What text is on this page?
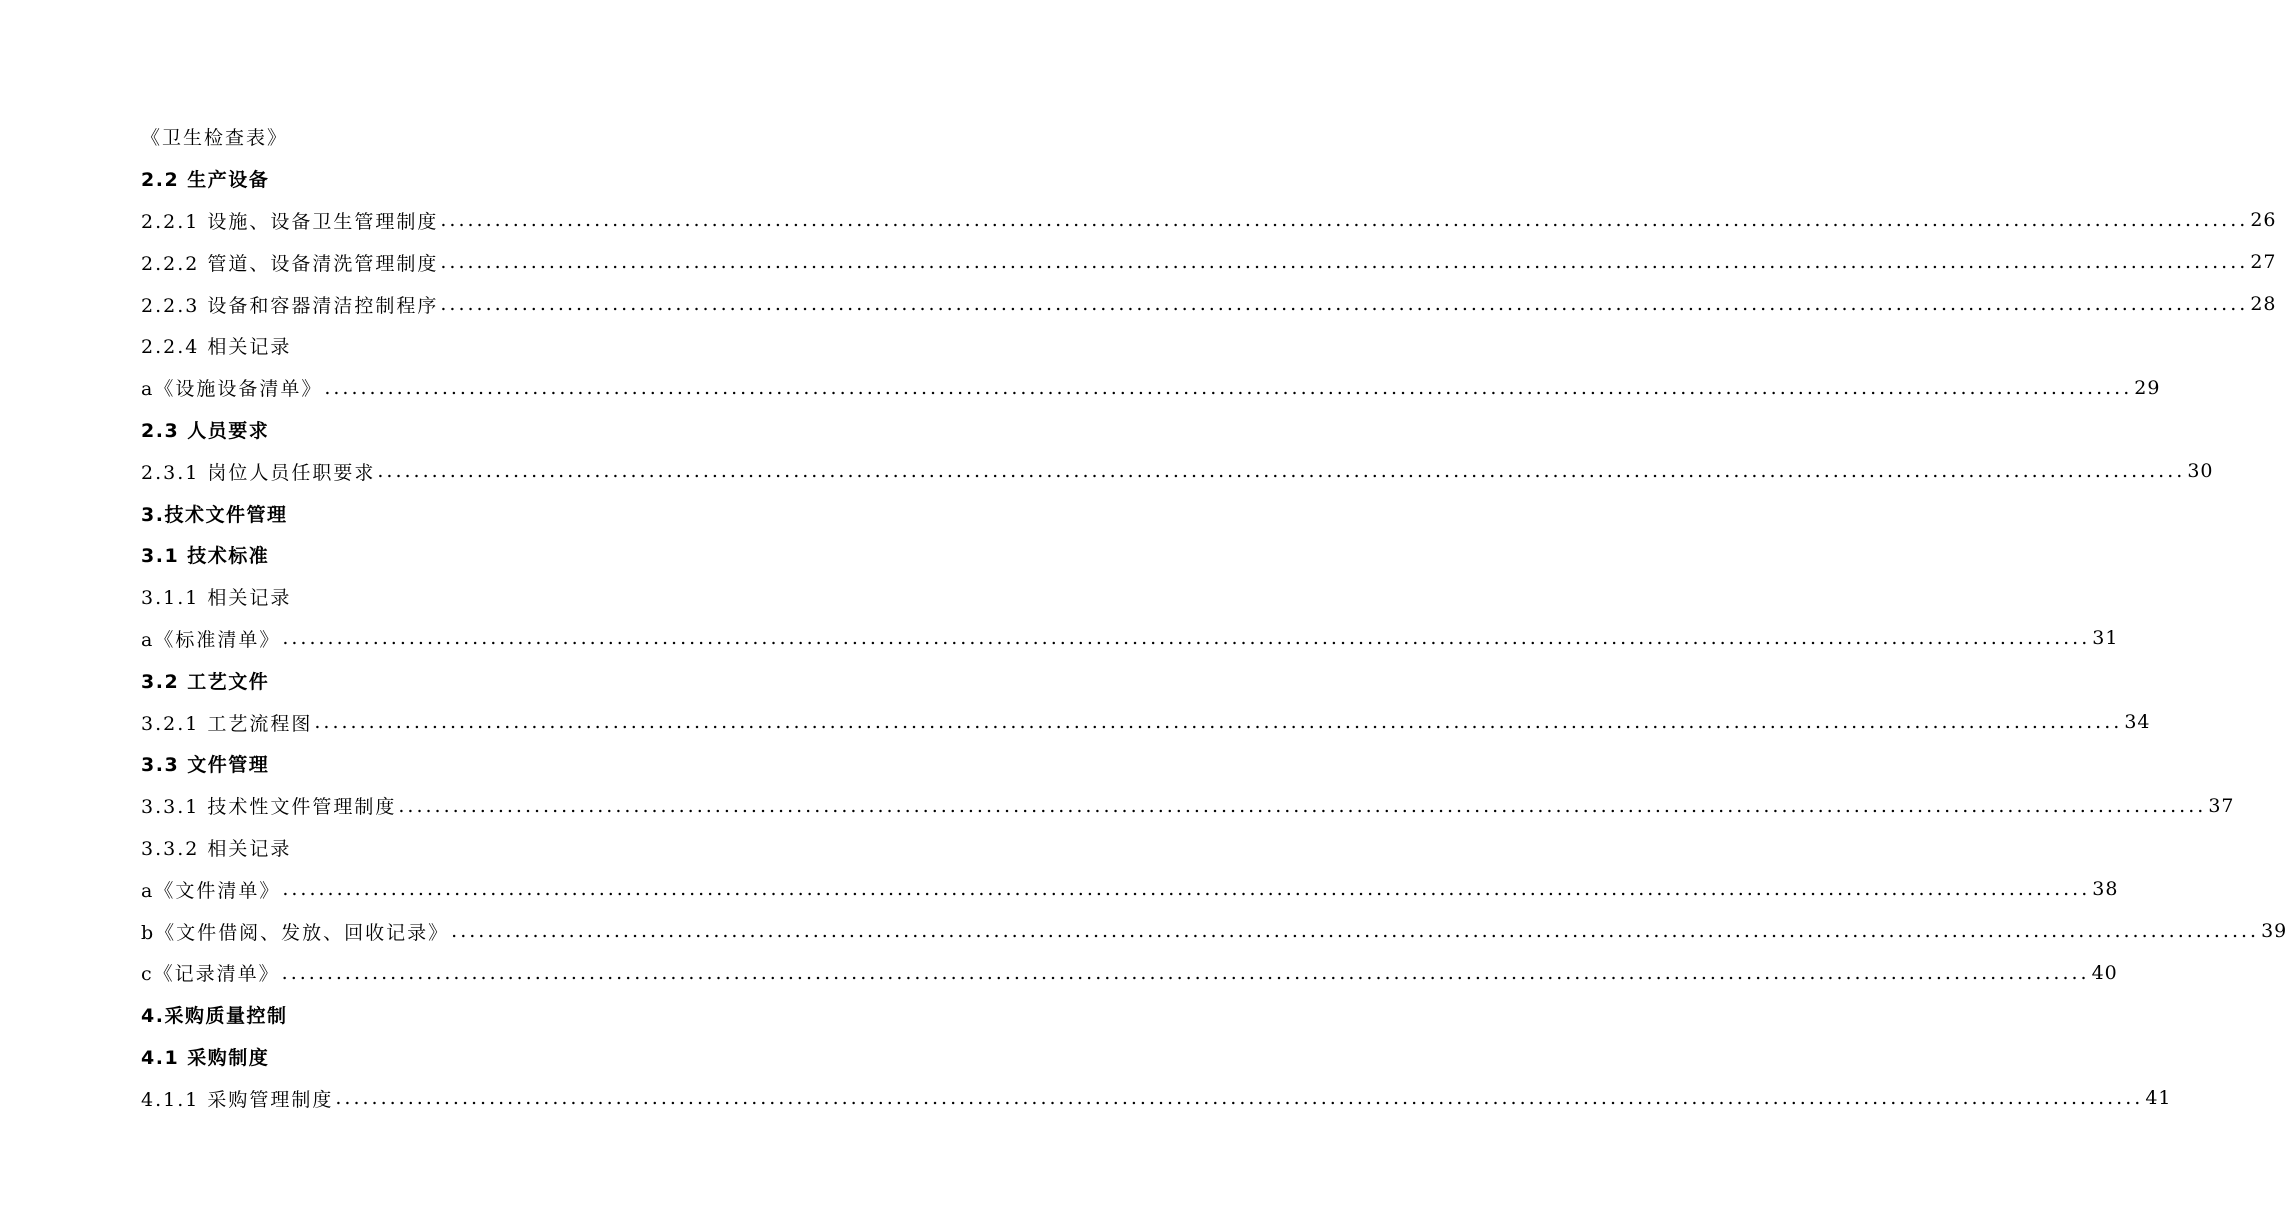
《卫生检查表》
2.2 生产设备
2.2.1 设施、设备卫生管理制度 ........................................................................................................................................................................................................ 26
2.2.2 管道、设备清洗管理制度 ........................................................................................................................................................................................................ 27
2.2.3 设备和容器清洁控制程序 ........................................................................................................................................................................................................ 28
2.2.4 相关记录
a《设施设备清单》 ........................................................................................................................................................................................................ 29
2.3 人员要求
2.3.1 岗位人员任职要求 ........................................................................................................................................................................................................ 30
3.技术文件管理
3.1 技术标准
3.1.1 相关记录
a《标准清单》 ........................................................................................................................................................................................................ 31
3.2 工艺文件
3.2.1 工艺流程图 ........................................................................................................................................................................................................ 34
3.3 文件管理
3.3.1 技术性文件管理制度 ........................................................................................................................................................................................................ 37
3.3.2 相关记录
a《文件清单》 ........................................................................................................................................................................................................ 38
b《文件借阅、发放、回收记录》 ........................................................................................................................................................................................................ 39
c《记录清单》 ........................................................................................................................................................................................................ 40
4.采购质量控制
4.1 采购制度
4.1.1 采购管理制度 ........................................................................................................................................................................................................ 41
